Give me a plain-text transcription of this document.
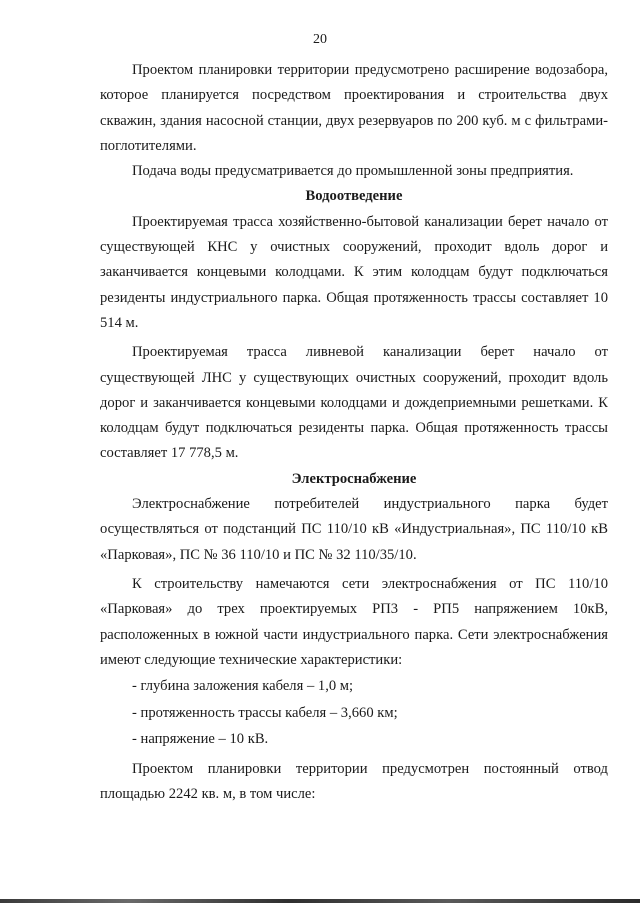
20

Проектом планировки территории предусмотрено расширение водозабора, которое планируется посредством проектирования и строительства двух скважин, здания насосной станции, двух резервуаров по 200 куб. м с фильтрами-поглотителями.

Подача воды предусматривается до промышленной зоны предприятия.

Водоотведение

Проектируемая трасса хозяйственно-бытовой канализации берет начало от существующей КНС у очистных сооружений, проходит вдоль дорог и заканчивается концевыми колодцами. К этим колодцам будут подключаться резиденты индустриального парка. Общая протяженность трассы составляет 10 514 м.

Проектируемая трасса ливневой канализации берет начало от существующей ЛНС у существующих очистных сооружений, проходит вдоль дорог и заканчивается концевыми колодцами и дождеприемными решетками. К колодцам будут подключаться резиденты парка. Общая протяженность трассы составляет 17 778,5 м.

Электроснабжение

Электроснабжение потребителей индустриального парка будет осуществляться от подстанций ПС 110/10 кВ «Индустриальная», ПС 110/10 кВ «Парковая», ПС № 36 110/10 и ПС № 32 110/35/10.

К строительству намечаются сети электроснабжения от ПС 110/10 «Парковая» до трех проектируемых РП3 - РП5 напряжением 10кВ, расположенных в южной части индустриального парка. Сети электроснабжения имеют следующие технические характеристики:

- глубина заложения кабеля – 1,0 м;

- протяженность трассы кабеля – 3,660 км;

- напряжение – 10 кВ.

Проектом планировки территории предусмотрен постоянный отвод площадью 2242 кв. м, в том числе:
